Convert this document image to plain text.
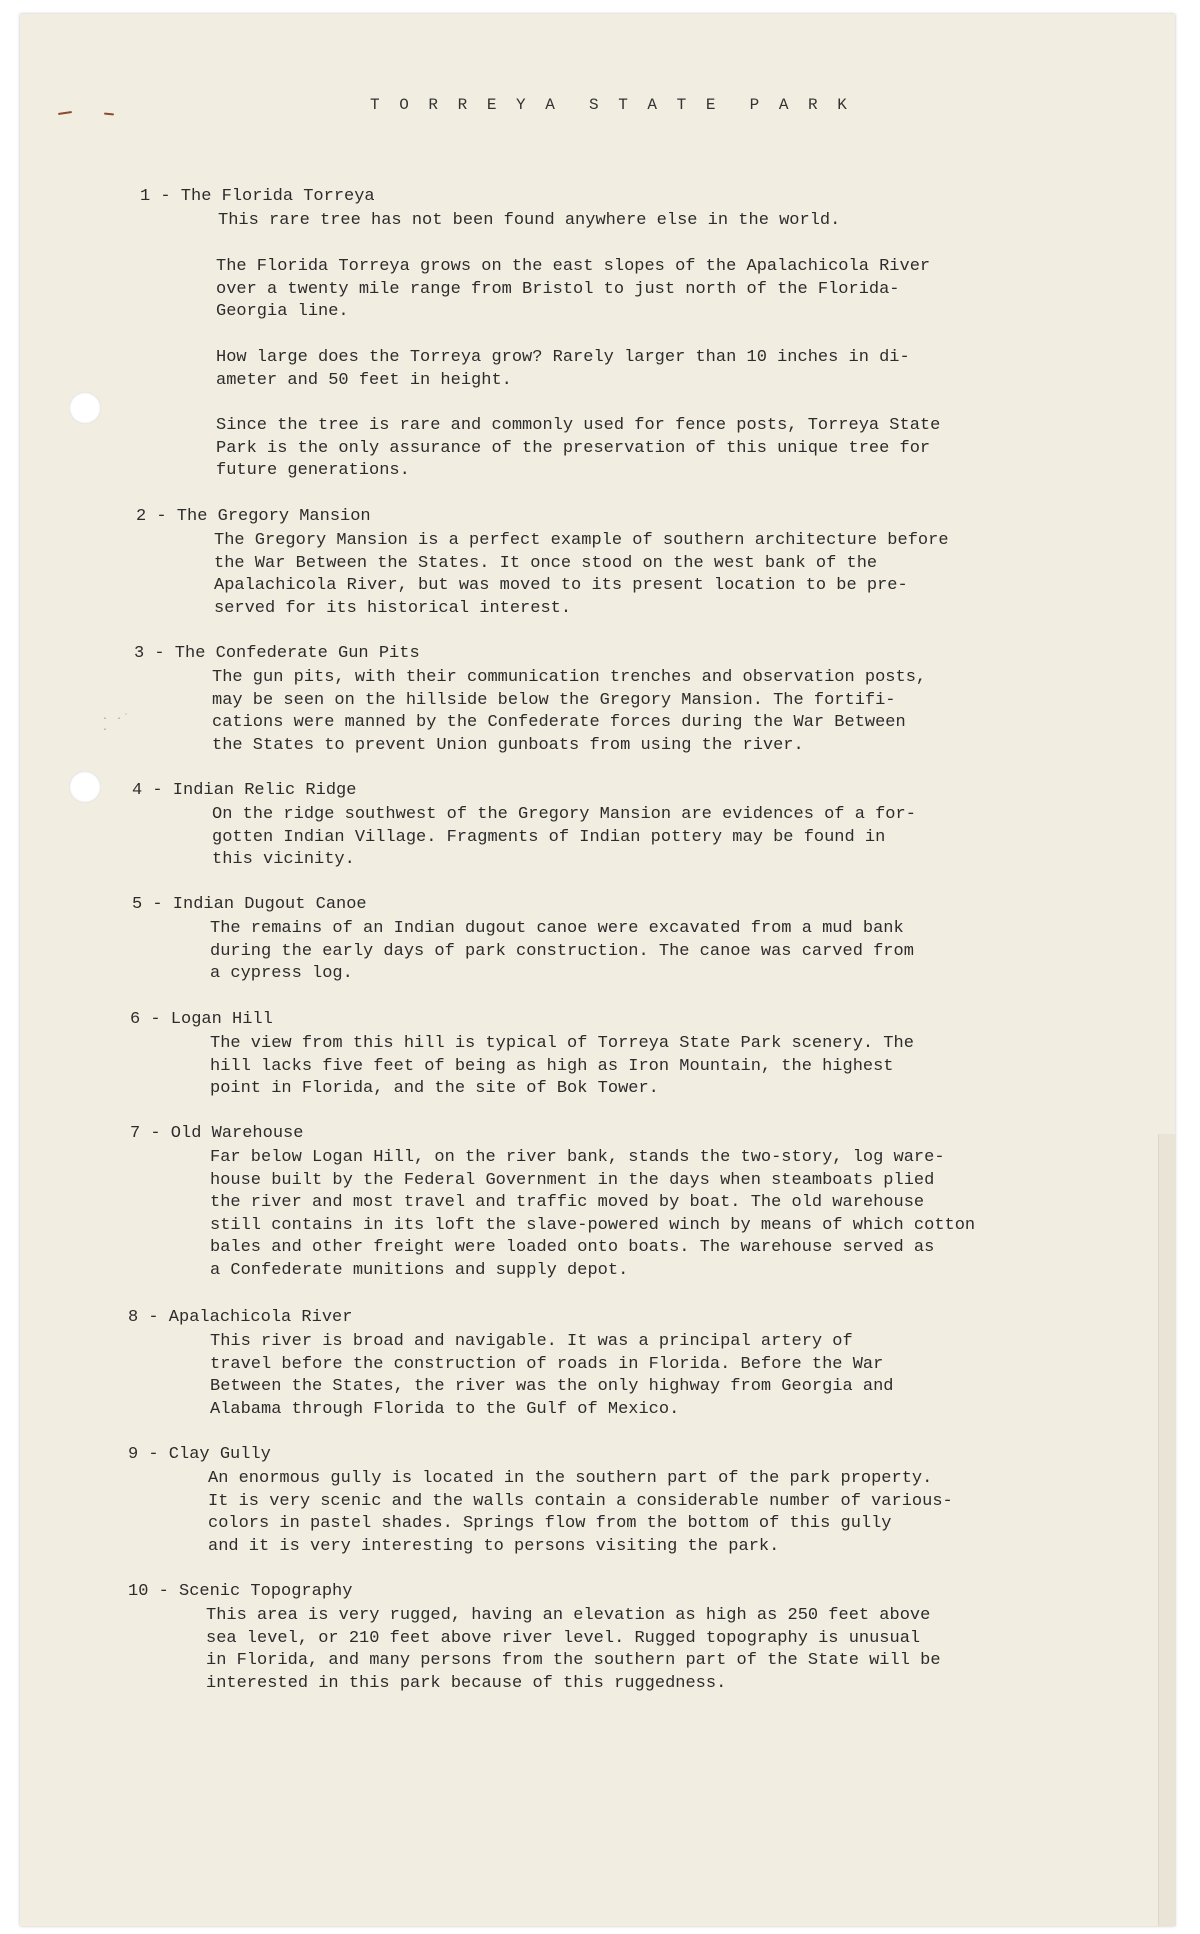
· ·˙ ·
T O R R E Y A  S T A T E  P A R K
1 - The Florida Torreya
This rare tree has not been found anywhere else in the world.
The Florida Torreya grows on the east slopes of the Apalachicola River
over a twenty mile range from Bristol to just north of the Florida-
Georgia line.
How large does the Torreya grow? Rarely larger than 10 inches in di-
ameter and 50 feet in height.
Since the tree is rare and commonly used for fence posts, Torreya State
Park is the only assurance of the preservation of this unique tree for
future generations.
2 - The Gregory Mansion
The Gregory Mansion is a perfect example of southern architecture before
the War Between the States. It once stood on the west bank of the
Apalachicola River, but was moved to its present location to be pre-
served for its historical interest.
3 - The Confederate Gun Pits
The gun pits, with their communication trenches and observation posts,
may be seen on the hillside below the Gregory Mansion. The fortifi-
cations were manned by the Confederate forces during the War Between
the States to prevent Union gunboats from using the river.
4 - Indian Relic Ridge
On the ridge southwest of the Gregory Mansion are evidences of a for-
gotten Indian Village. Fragments of Indian pottery may be found in
this vicinity.
5 - Indian Dugout Canoe
The remains of an Indian dugout canoe were excavated from a mud bank
during the early days of park construction. The canoe was carved from
a cypress log.
6 - Logan Hill
The view from this hill is typical of Torreya State Park scenery. The
hill lacks five feet of being as high as Iron Mountain, the highest
point in Florida, and the site of Bok Tower.
7 - Old Warehouse
Far below Logan Hill, on the river bank, stands the two-story, log ware-
house built by the Federal Government in the days when steamboats plied
the river and most travel and traffic moved by boat. The old warehouse
still contains in its loft the slave-powered winch by means of which cotton
bales and other freight were loaded onto boats. The warehouse served as
a Confederate munitions and supply depot.
8 - Apalachicola River
This river is broad and navigable. It was a principal artery of
travel before the construction of roads in Florida. Before the War
Between the States, the river was the only highway from Georgia and
Alabama through Florida to the Gulf of Mexico.
9 - Clay Gully
An enormous gully is located in the southern part of the park property.
It is very scenic and the walls contain a considerable number of various-
colors in pastel shades. Springs flow from the bottom of this gully
and it is very interesting to persons visiting the park.
10 - Scenic Topography
This area is very rugged, having an elevation as high as 250 feet above
sea level, or 210 feet above river level. Rugged topography is unusual
in Florida, and many persons from the southern part of the State will be
interested in this park because of this ruggedness.
